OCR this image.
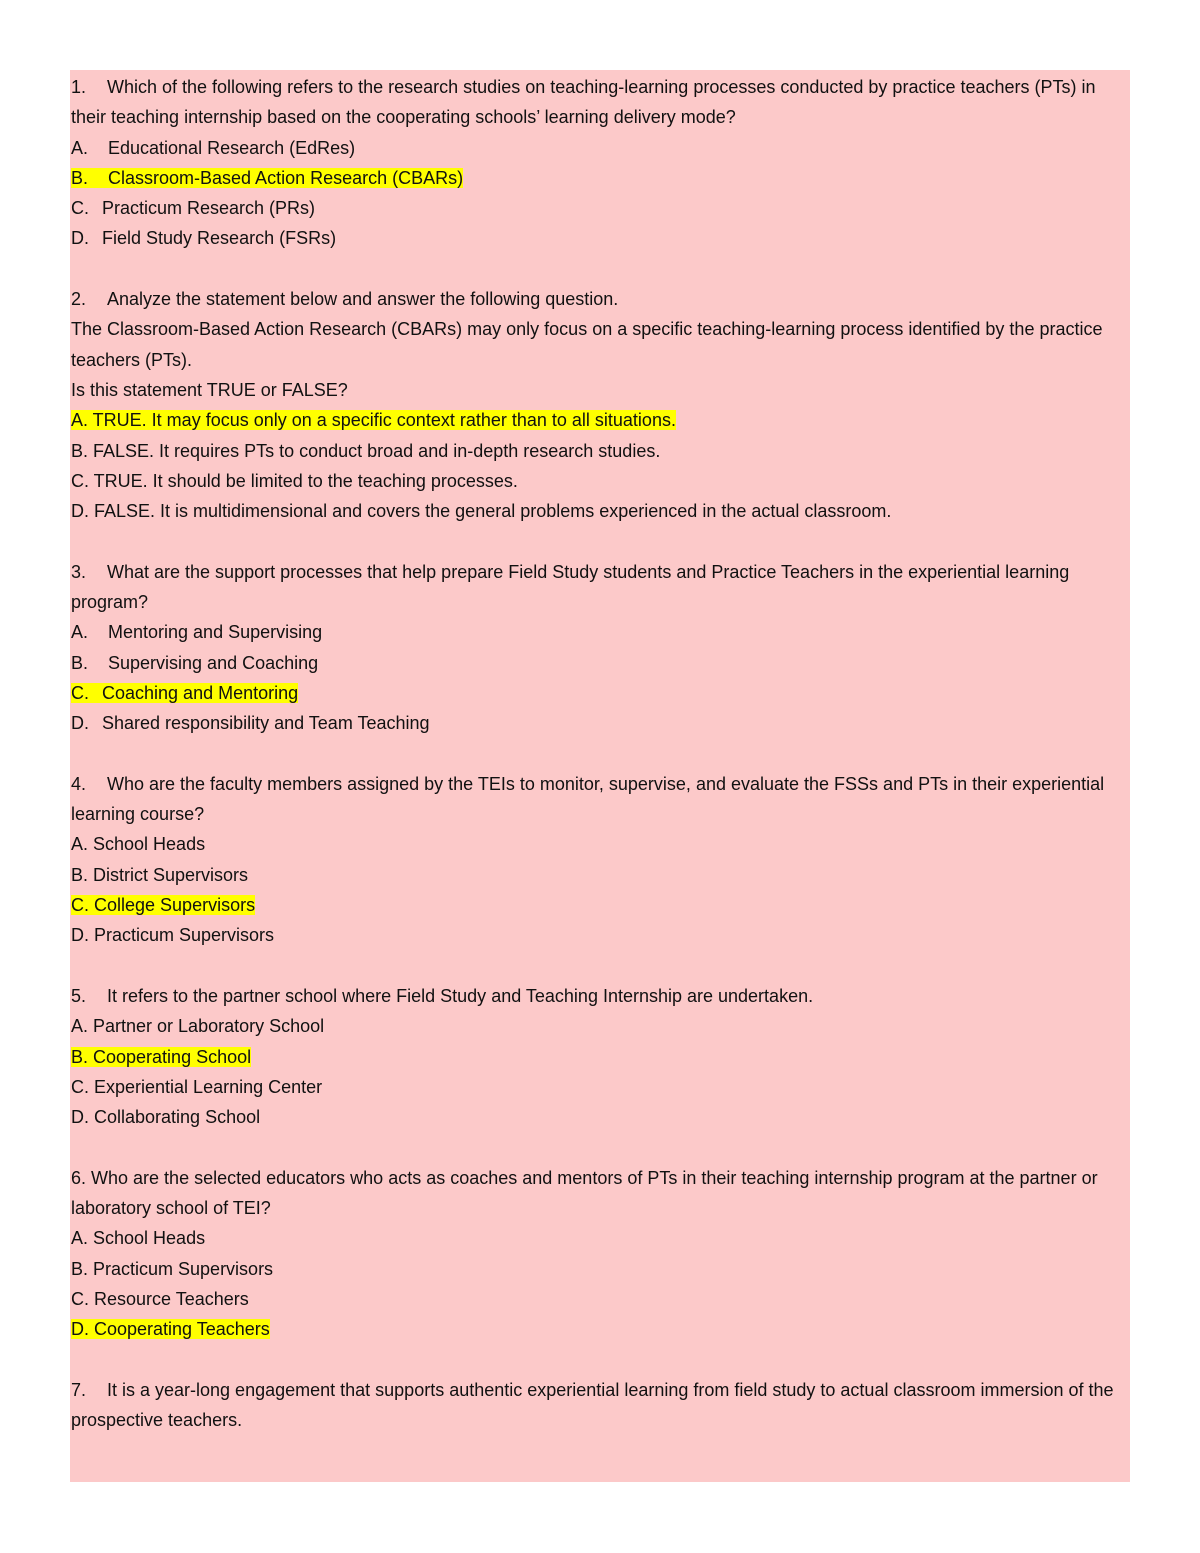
1. Which of the following refers to the research studies on teaching-learning processes conducted by practice teachers (PTs) in their teaching internship based on the cooperating schools’ learning delivery mode?
A. Educational Research (EdRes)
B. Classroom-Based Action Research (CBARs)
C. Practicum Research (PRs)
D. Field Study Research (FSRs)
2. Analyze the statement below and answer the following question.
The Classroom-Based Action Research (CBARs) may only focus on a specific teaching-learning process identified by the practice teachers (PTs).
Is this statement TRUE or FALSE?
A. TRUE. It may focus only on a specific context rather than to all situations.
B. FALSE. It requires PTs to conduct broad and in-depth research studies.
C. TRUE. It should be limited to the teaching processes.
D. FALSE. It is multidimensional and covers the general problems experienced in the actual classroom.
3. What are the support processes that help prepare Field Study students and Practice Teachers in the experiential learning program?
A. Mentoring and Supervising
B. Supervising and Coaching
C. Coaching and Mentoring
D. Shared responsibility and Team Teaching
4. Who are the faculty members assigned by the TEIs to monitor, supervise, and evaluate the FSSs and PTs in their experiential learning course?
A. School Heads
B. District Supervisors
C. College Supervisors
D. Practicum Supervisors
5. It refers to the partner school where Field Study and Teaching Internship are undertaken.
A. Partner or Laboratory School
B. Cooperating School
C. Experiential Learning Center
D. Collaborating School
6. Who are the selected educators who acts as coaches and mentors of PTs in their teaching internship program at the partner or laboratory school of TEI?
A. School Heads
B. Practicum Supervisors
C. Resource Teachers
D. Cooperating Teachers
7. It is a year-long engagement that supports authentic experiential learning from field study to actual classroom immersion of the prospective teachers.
